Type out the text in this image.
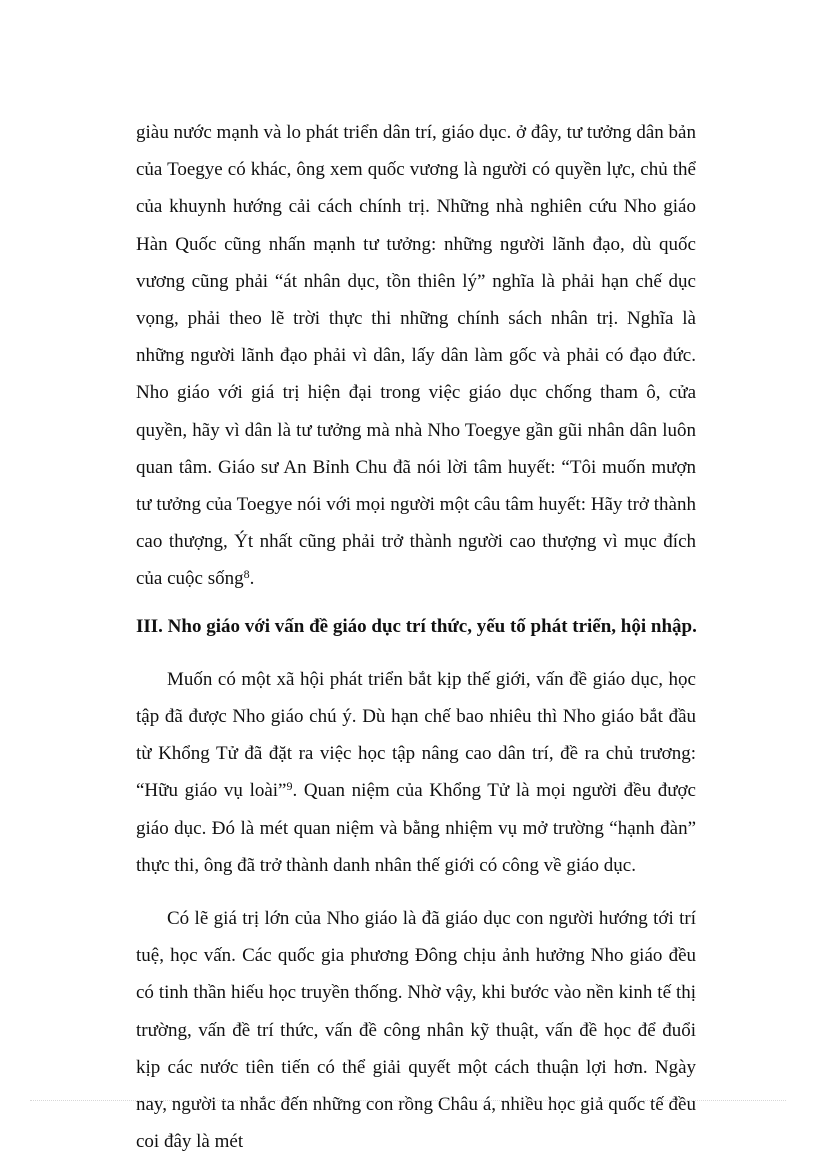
giàu nước mạnh và lo phát triển dân trí, giáo dục. ở đây, tư tưởng dân bản của Toegye có khác, ông xem quốc vương là người có quyền lực, chủ thể của khuynh hướng cải cách chính trị. Những nhà nghiên cứu Nho giáo Hàn Quốc cũng nhấn mạnh tư tưởng: những người lãnh đạo, dù quốc vương cũng phải “át nhân dục, tồn thiên lý” nghĩa là phải hạn chế dục vọng, phải theo lẽ trời thực thi những chính sách nhân trị. Nghĩa là những người lãnh đạo phải vì dân, lấy dân làm gốc và phải có đạo đức. Nho giáo với giá trị hiện đại trong việc giáo dục chống tham ô, cửa quyền, hãy vì dân là tư tưởng mà nhà Nho Toegye gần gũi nhân dân luôn quan tâm. Giáo sư An Bỉnh Chu đã nói lời tâm huyết: “Tôi muốn mượn tư tưởng của Toegye nói với mọi người một câu tâm huyết: Hãy trở thành cao thượng, Ýt nhất cũng phải trở thành người cao thượng vì mục đích của cuộc sống$^8$.

III. Nho giáo với vấn đề giáo dục trí thức, yếu tố phát triển, hội nhập.

Muốn có một xã hội phát triển bắt kịp thế giới, vấn đề giáo dục, học tập đã được Nho giáo chú ý. Dù hạn chế bao nhiêu thì Nho giáo bắt đầu từ Khổng Tử đã đặt ra việc học tập nâng cao dân trí, đề ra chủ trương: “Hữu giáo vụ loài”$^9$. Quan niệm của Khổng Tử là mọi người đều được giáo dục. Đó là mét quan niệm và bằng nhiệm vụ mở trường “hạnh đàn” thực thi, ông đã trở thành danh nhân thế giới có công về giáo dục.

Có lẽ giá trị lớn của Nho giáo là đã giáo dục con người hướng tới trí tuệ, học vấn. Các quốc gia phương Đông chịu ảnh hưởng Nho giáo đều có tinh thần hiếu học truyền thống. Nhờ vậy, khi bước vào nền kinh tế thị trường, vấn đề trí thức, vấn đề công nhân kỹ thuật, vấn đề học để đuổi kịp các nước tiên tiến có thể giải quyết một cách thuận lợi hơn. Ngày nay, người ta nhắc đến những con rồng Châu á, nhiều học giả quốc tế đều coi đây là mét
